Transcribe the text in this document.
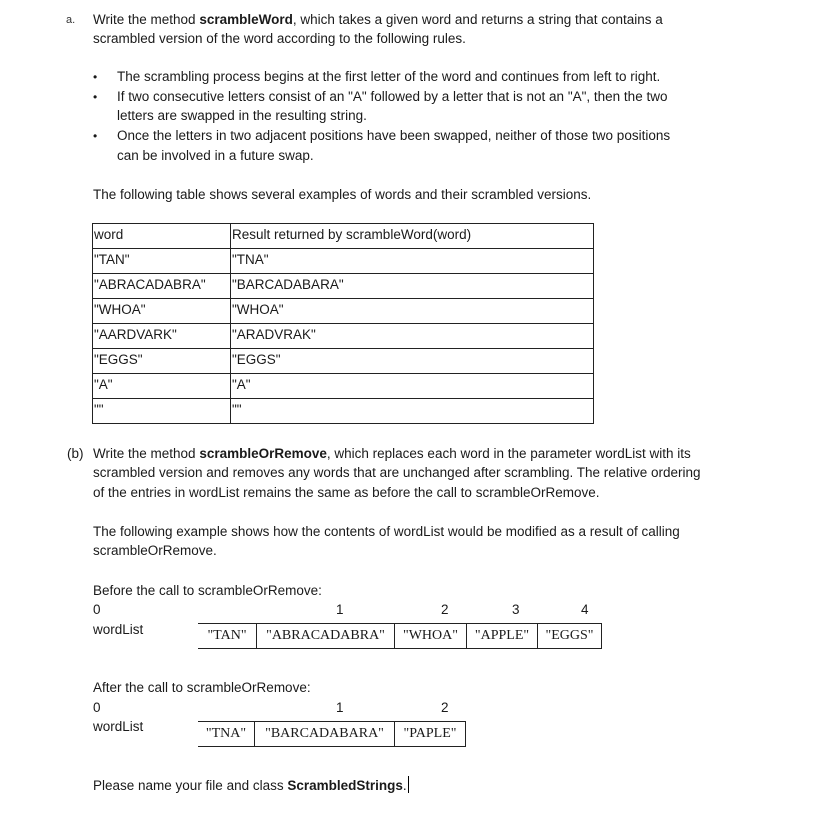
a. Write the method scrambleWord, which takes a given word and returns a string that contains a
scrambled version of the word according to the following rules.
• The scrambling process begins at the first letter of the word and continues from left to right.
• If two consecutive letters consist of an "A" followed by a letter that is not an "A", then the two
letters are swapped in the resulting string.
• Once the letters in two adjacent positions have been swapped, neither of those two positions
can be involved in a future swap.
The following table shows several examples of words and their scrambled versions.
word	Result returned by scrambleWord(word)
"TAN"	"TNA"
"ABRACADABRA"	"BARCADABARA"
"WHOA"	"WHOA"
"AARDVARK"	"ARADVRAK"
"EGGS"	"EGGS"
"A"	"A"
""	""
(b) Write the method scrambleOrRemove, which replaces each word in the parameter wordList with its
scrambled version and removes any words that are unchanged after scrambling. The relative ordering
of the entries in wordList remains the same as before the call to scrambleOrRemove.
The following example shows how the contents of wordList would be modified as a result of calling
scrambleOrRemove.
Before the call to scrambleOrRemove:
0	1	2	3	4
wordList	"TAN"	"ABRACADABRA"	"WHOA"	"APPLE"	"EGGS"
After the call to scrambleOrRemove:
0	1	2
wordList	"TNA"	"BARCADABARA"	"PAPLE"
Please name your file and class ScrambledStrings.
